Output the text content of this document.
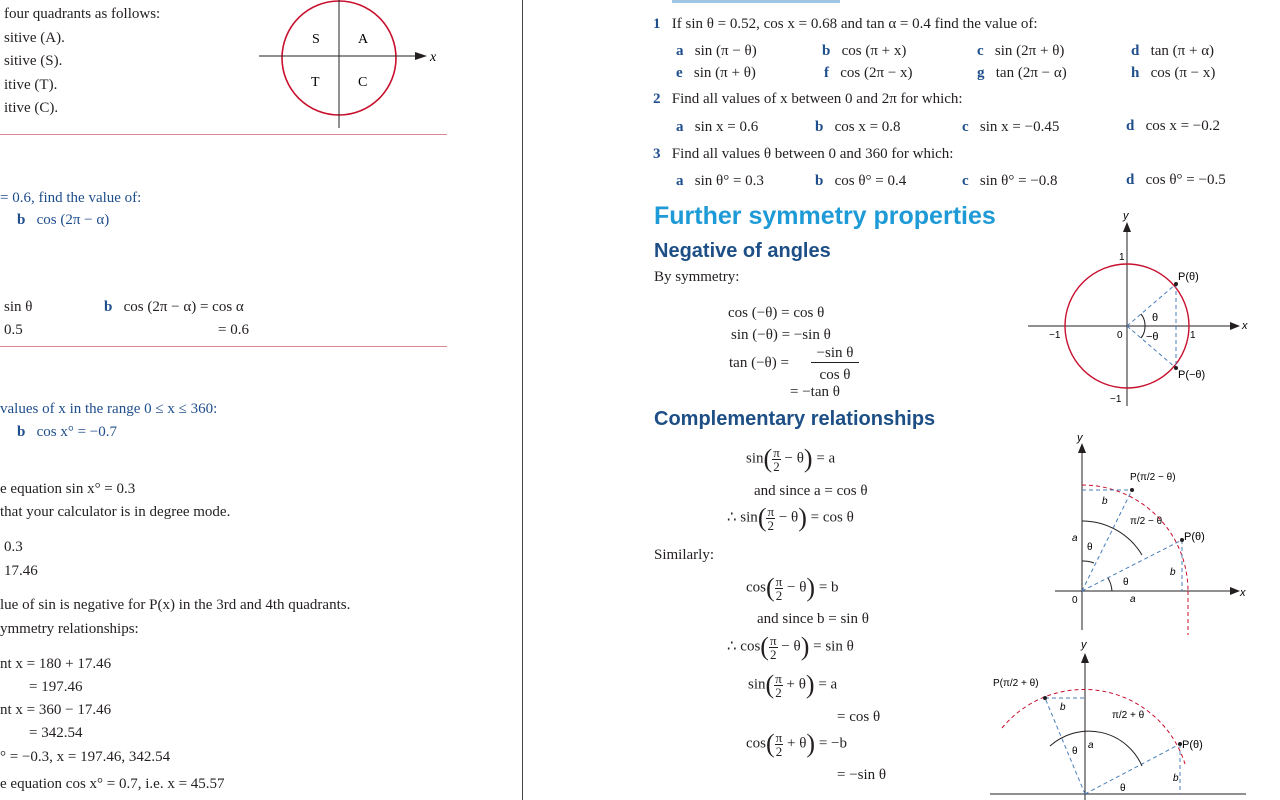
four quadrants as follows:
sitive (A).
sitive (S).
itive (T).
itive (C).
S	A
T	C
x
= 0.6, find the value of:
b cos (2π − α)
sin θ
0.5
b cos (2π − α) = cos α
= 0.6
values of x in the range 0 ≤ x ≤ 360:
b cos x° = −0.7
e equation sin x° = 0.3
that your calculator is in degree mode.
0.3
17.46
lue of sin is negative for P(x) in the 3rd and 4th quadrants.
ymmetry relationships:
nt x = 180 + 17.46
= 197.46
nt x = 360 − 17.46
= 342.54
° = −0.3, x = 197.46, 342.54
e equation cos x° = 0.7, i.e. x = 45.57
1 If sin θ = 0.52, cos x = 0.68 and tan α = 0.4 find the value of:
a sin (π − θ)	b cos (π + x)	c sin (2π + θ)	d tan (π + α)
e sin (π + θ)	f cos (2π − x)	g tan (2π − α)	h cos (π − x)
2 Find all values of x between 0 and 2π for which:
a sin x = 0.6	b cos x = 0.8	c sin x = −0.45	d cos x = −0.2
3 Find all values θ between 0 and 360 for which:
a sin θ° = 0.3	b cos θ° = 0.4	c sin θ° = −0.8	d cos θ° = −0.5
Further symmetry properties
Negative of angles
By symmetry:
cos (−θ) = cos θ
sin (−θ) = −sin θ
tan (−θ) =
−sin θ
cos θ
= −tan θ
Complementary relationships
$\sin( \frac{\pi}{2} - \theta) = a$
and since a = cos θ
∴ $\sin( \frac{\pi}{2} - \theta) = \cos \theta$
Similarly:
$\cos( \frac{\pi}{2} - \theta) = b$
and since b = sin θ
∴ $\cos( \frac{\pi}{2} - \theta) = \sin \theta$
$\sin( \frac{\pi}{2} + \theta) = a$
= cos θ
$\cos( \frac{\pi}{2} + \theta) = -b$
= −sin θ
y
x
P(θ)
P(−θ)
θ
−θ
1
1
−1
−1
0
y
x
P(θ)
P(π/2 − θ)
π/2 − θ
a
b
b
a
θ
θ
0
y
P(θ)
P(π/2 + θ)
π/2 + θ
a
b
b
θ
θ
